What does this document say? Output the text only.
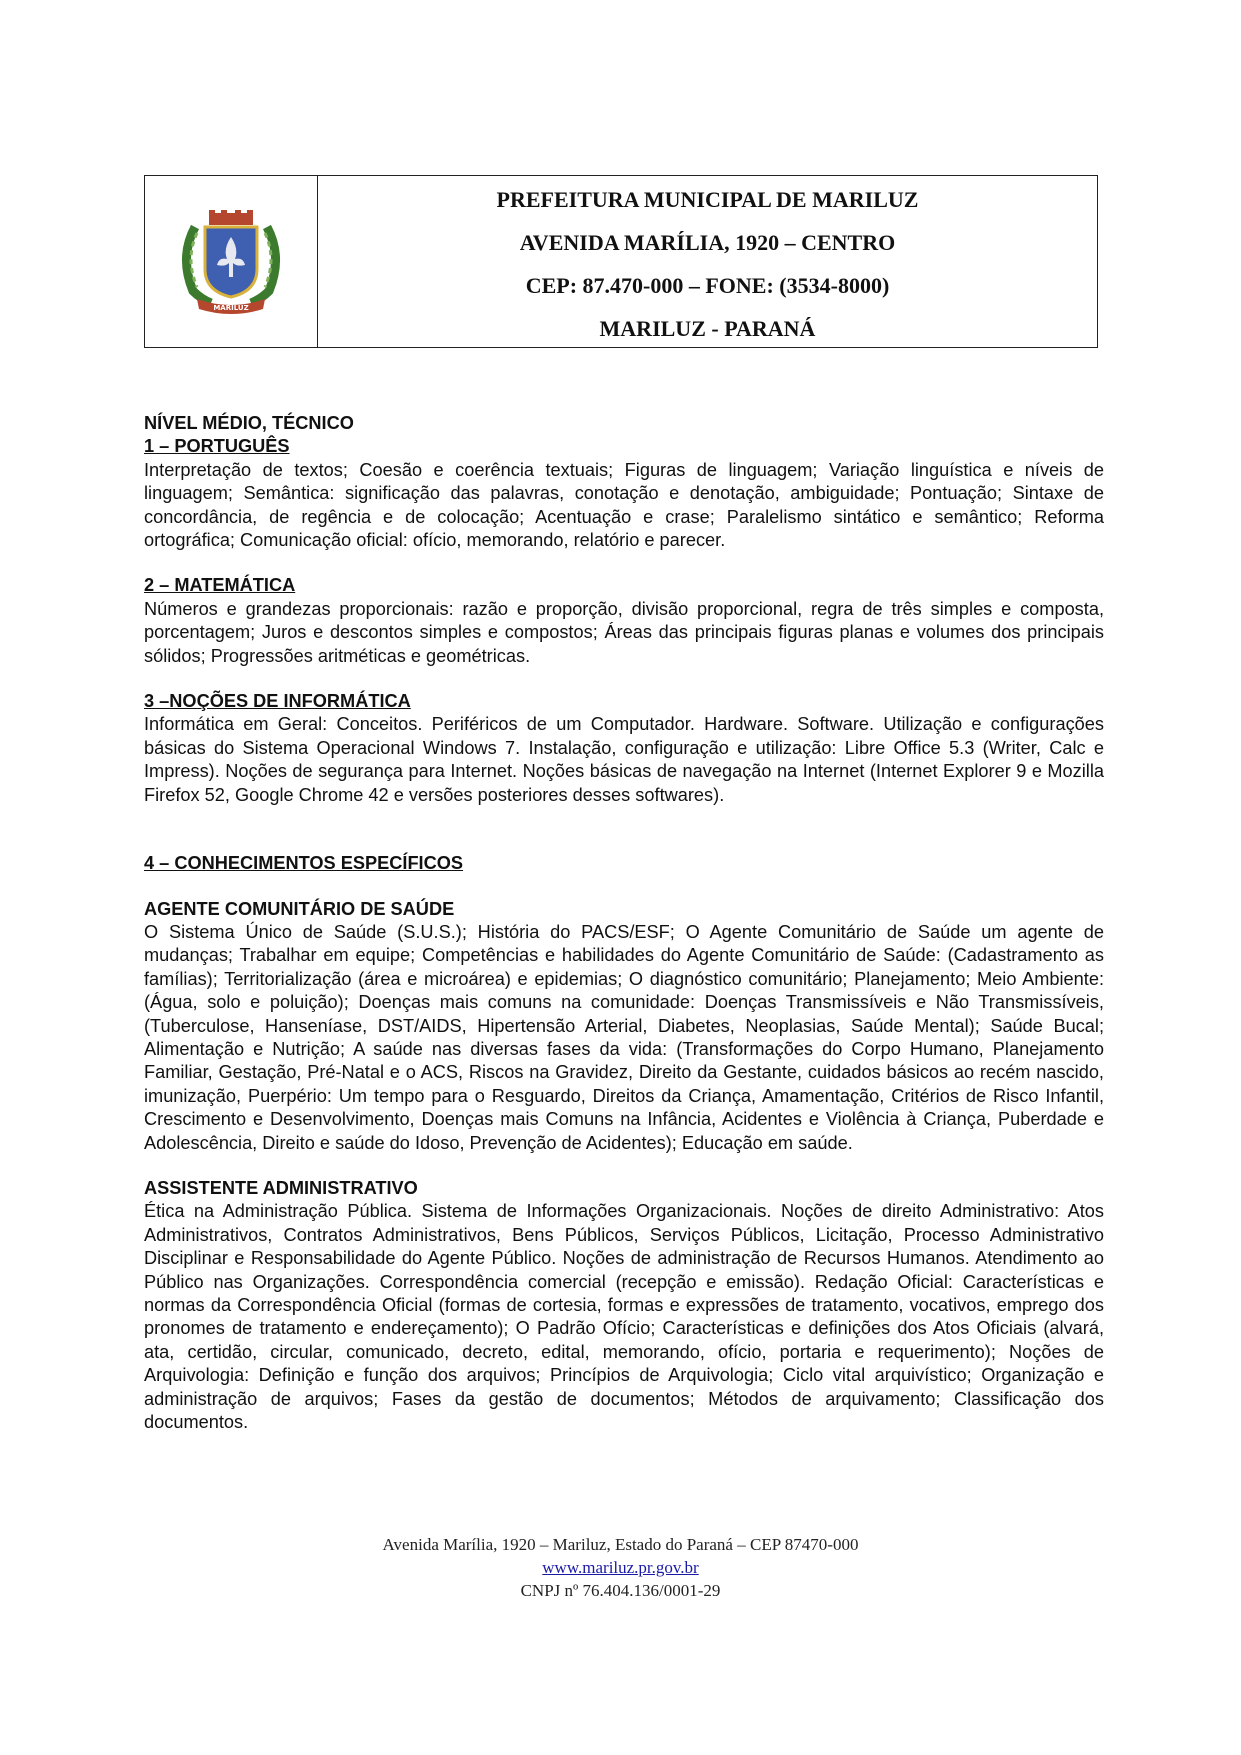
MARILUZ
PREFEITURA MUNICIPAL DE MARILUZ
AVENIDA MARÍLIA, 1920 – CENTRO
CEP: 87.470-000 – FONE: (3534-8000)
MARILUZ - PARANÁ

NÍVEL MÉDIO, TÉCNICO

1 – PORTUGUÊS

Interpretação de textos; Coesão e coerência textuais; Figuras de linguagem; Variação linguística e níveis de linguagem; Semântica: significação das palavras, conotação e denotação, ambiguidade; Pontuação; Sintaxe de concordância, de regência e de colocação; Acentuação e crase; Paralelismo sintático e semântico; Reforma ortográfica; Comunicação oficial: ofício, memorando, relatório e parecer.

2 – MATEMÁTICA

Números e grandezas proporcionais: razão e proporção, divisão proporcional, regra de três simples e composta, porcentagem; Juros e descontos simples e compostos; Áreas das principais figuras planas e volumes dos principais sólidos; Progressões aritméticas e geométricas.

3 –NOÇÕES DE INFORMÁTICA

Informática em Geral: Conceitos. Periféricos de um Computador. Hardware. Software. Utilização e configurações básicas do Sistema Operacional Windows 7. Instalação, configuração e utilização: Libre Office 5.3 (Writer, Calc e Impress). Noções de segurança para Internet. Noções básicas de navegação na Internet (Internet Explorer 9 e Mozilla Firefox 52, Google Chrome 42 e versões posteriores desses softwares).

4 – CONHECIMENTOS ESPECÍFICOS

AGENTE COMUNITÁRIO DE SAÚDE

O Sistema Único de Saúde (S.U.S.); História do PACS/ESF; O Agente Comunitário de Saúde um agente de mudanças; Trabalhar em equipe; Competências e habilidades do Agente Comunitário de Saúde: (Cadastramento as famílias); Territorialização (área e microárea) e epidemias; O diagnóstico comunitário; Planejamento; Meio Ambiente: (Água, solo e poluição); Doenças mais comuns na comunidade: Doenças Transmissíveis e Não Transmissíveis, (Tuberculose, Hanseníase, DST/AIDS, Hipertensão Arterial, Diabetes, Neoplasias, Saúde Mental); Saúde Bucal; Alimentação e Nutrição; A saúde nas diversas fases da vida: (Transformações do Corpo Humano, Planejamento Familiar, Gestação, Pré-Natal e o ACS, Riscos na Gravidez, Direito da Gestante, cuidados básicos ao recém nascido, imunização, Puerpério: Um tempo para o Resguardo, Direitos da Criança, Amamentação, Critérios de Risco Infantil, Crescimento e Desenvolvimento, Doenças mais Comuns na Infância, Acidentes e Violência à Criança, Puberdade e Adolescência, Direito e saúde do Idoso, Prevenção de Acidentes); Educação em saúde.

ASSISTENTE ADMINISTRATIVO

Ética na Administração Pública. Sistema de Informações Organizacionais. Noções de direito Administrativo: Atos Administrativos, Contratos Administrativos, Bens Públicos, Serviços Públicos, Licitação, Processo Administrativo Disciplinar e Responsabilidade do Agente Público. Noções de administração de Recursos Humanos. Atendimento ao Público nas Organizações. Correspondência comercial (recepção e emissão). Redação Oficial: Características e normas da Correspondência Oficial (formas de cortesia, formas e expressões de tratamento, vocativos, emprego dos pronomes de tratamento e endereçamento); O Padrão Ofício; Características e definições dos Atos Oficiais (alvará, ata, certidão, circular, comunicado, decreto, edital, memorando, ofício, portaria e requerimento); Noções de Arquivologia: Definição e função dos arquivos; Princípios de Arquivologia; Ciclo vital arquivístico; Organização e administração de arquivos; Fases da gestão de documentos; Métodos de arquivamento; Classificação dos documentos.

Avenida Marília, 1920 – Mariluz, Estado do Paraná – CEP 87470-000
www.mariluz.pr.gov.br
CNPJ nº 76.404.136/0001-29
